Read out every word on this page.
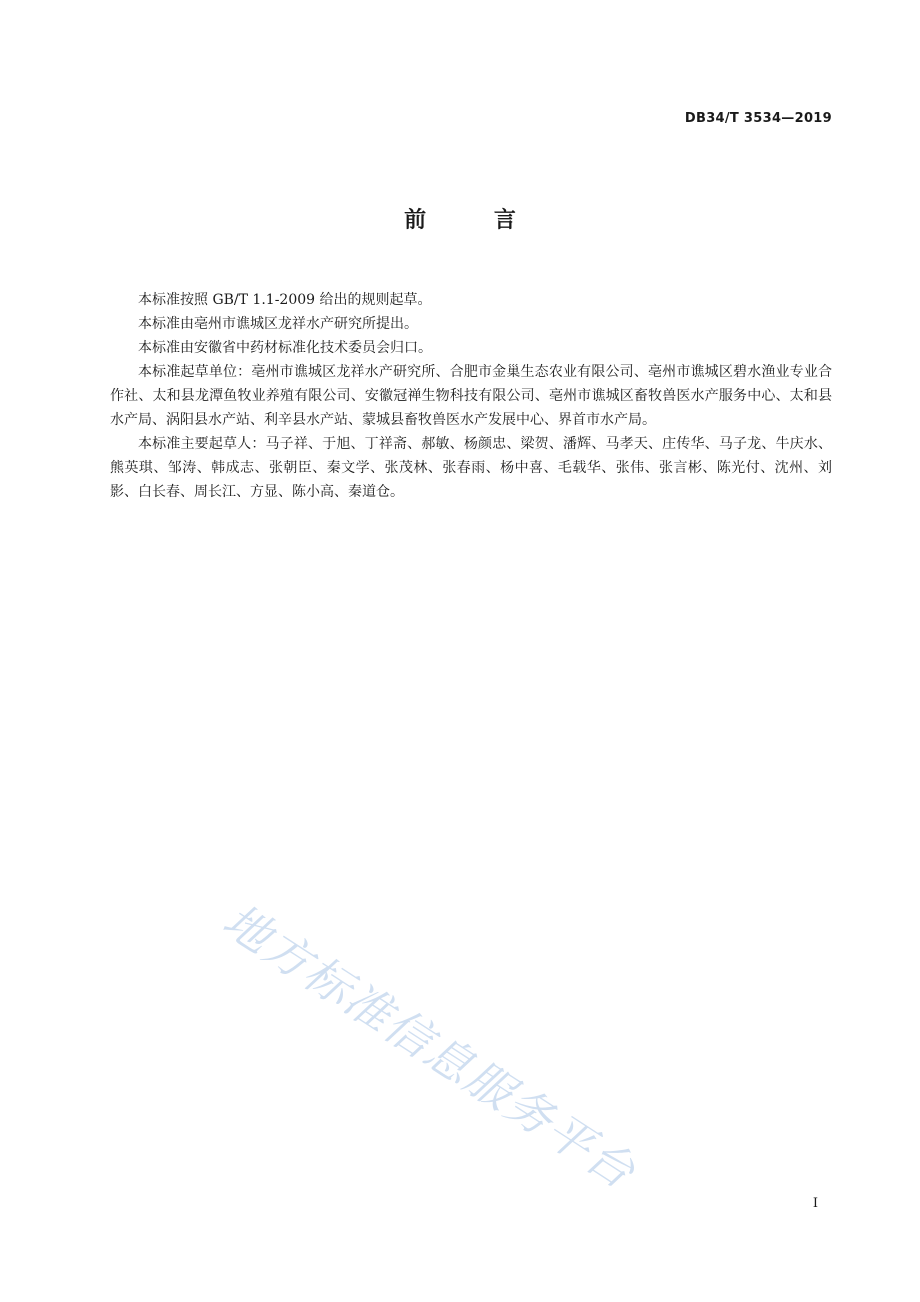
DB34/T 3534—2019
前 言

本标准按照 GB/T 1.1-2009 给出的规则起草。

本标准由亳州市谯城区龙祥水产研究所提出。

本标准由安徽省中药材标准化技术委员会归口。

本标准起草单位：亳州市谯城区龙祥水产研究所、合肥市金巢生态农业有限公司、亳州市谯城区碧水渔业专业合作社、太和县龙潭鱼牧业养殖有限公司、安徽冠禅生物科技有限公司、亳州市谯城区畜牧兽医水产服务中心、太和县水产局、涡阳县水产站、利辛县水产站、蒙城县畜牧兽医水产发展中心、界首市水产局。

本标准主要起草人：马子祥、于旭、丁祥斋、郝敏、杨颜忠、梁贺、潘辉、马孝天、庄传华、马子龙、牛庆水、熊英琪、邹涛、韩成志、张朝臣、秦文学、张茂林、张春雨、杨中喜、毛载华、张伟、张言彬、陈光付、沈州、刘影、白长春、周长江、方显、陈小高、秦道仓。

地方标准信息服务平台
I
